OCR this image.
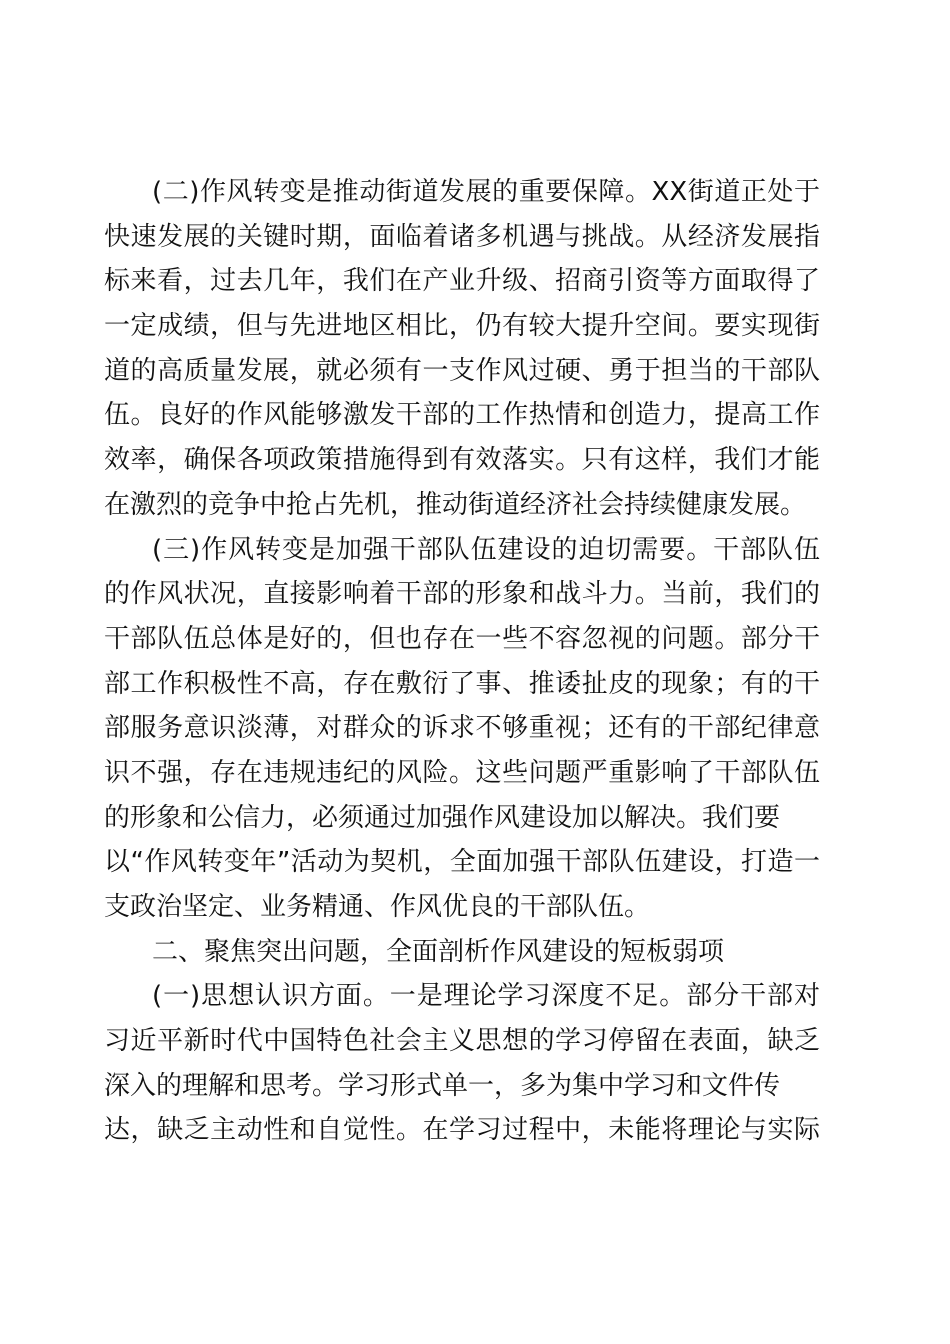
(二)作风转变是推动街道发展的重要保障。XX街道正处于
快速发展的关键时期，面临着诸多机遇与挑战。从经济发展指
标来看，过去几年，我们在产业升级、招商引资等方面取得了
一定成绩，但与先进地区相比，仍有较大提升空间。要实现街
道的高质量发展，就必须有一支作风过硬、勇于担当的干部队
伍。良好的作风能够激发干部的工作热情和创造力，提高工作
效率，确保各项政策措施得到有效落实。只有这样，我们才能
在激烈的竞争中抢占先机，推动街道经济社会持续健康发展。
(三)作风转变是加强干部队伍建设的迫切需要。干部队伍
的作风状况，直接影响着干部的形象和战斗力。当前，我们的
干部队伍总体是好的，但也存在一些不容忽视的问题。部分干
部工作积极性不高，存在敷衍了事、推诿扯皮的现象；有的干
部服务意识淡薄，对群众的诉求不够重视；还有的干部纪律意
识不强，存在违规违纪的风险。这些问题严重影响了干部队伍
的形象和公信力，必须通过加强作风建设加以解决。我们要
以“作风转变年”活动为契机，全面加强干部队伍建设，打造一
支政治坚定、业务精通、作风优良的干部队伍。
二、聚焦突出问题，全面剖析作风建设的短板弱项
(一)思想认识方面。一是理论学习深度不足。部分干部对
习近平新时代中国特色社会主义思想的学习停留在表面，缺乏
深入的理解和思考。学习形式单一，多为集中学习和文件传
达，缺乏主动性和自觉性。在学习过程中，未能将理论与实际
